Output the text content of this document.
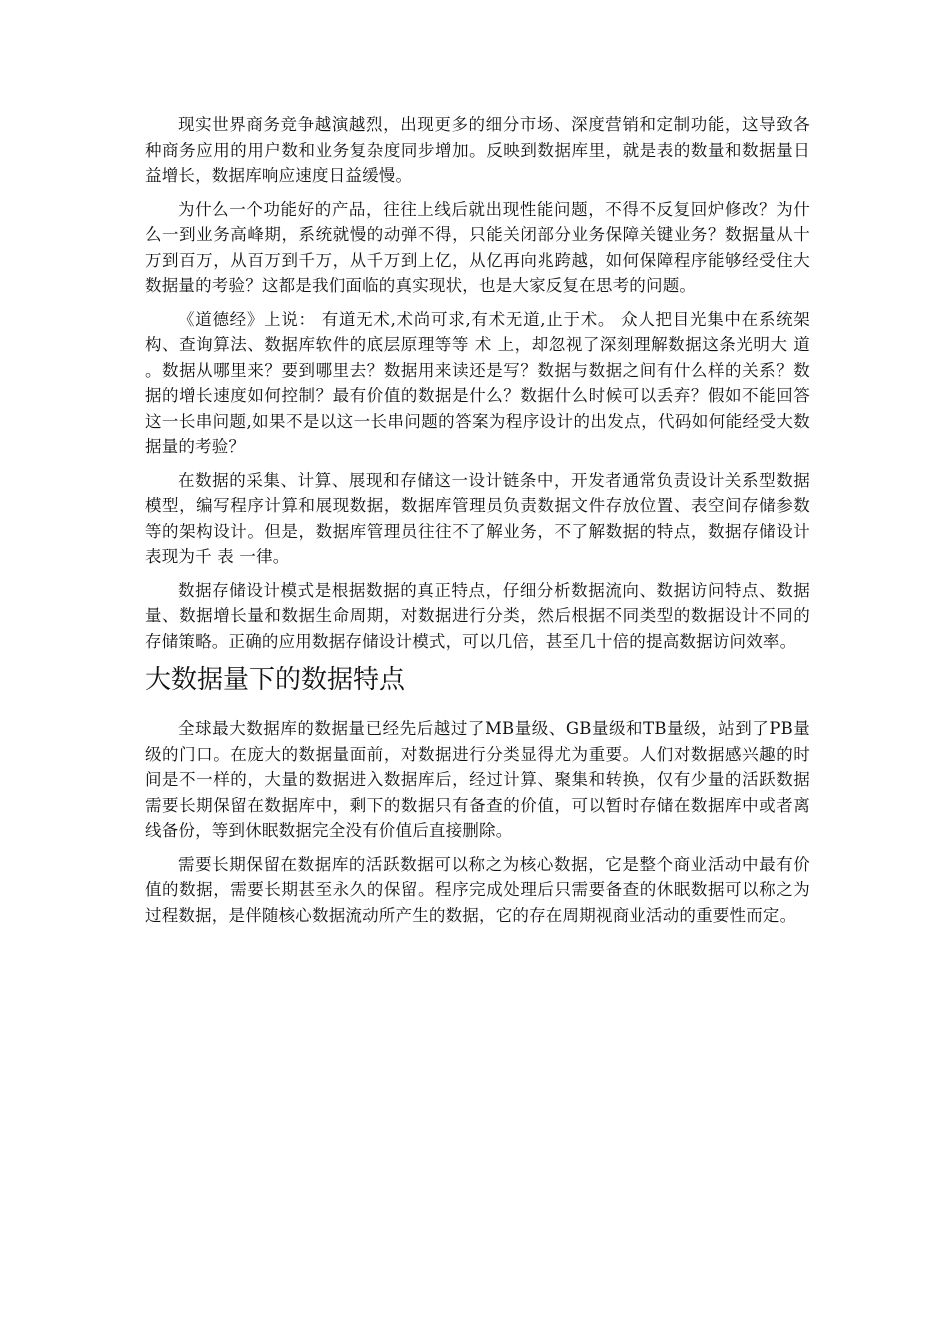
现实世界商务竞争越演越烈，出现更多的细分市场、深度营销和定制功能，这导致各种商务应用的用户数和业务复杂度同步增加。反映到数据库里，就是表的数量和数据量日益增长，数据库响应速度日益缓慢。

为什么一个功能好的产品，往往上线后就出现性能问题，不得不反复回炉修改？为什么一到业务高峰期，系统就慢的动弹不得，只能关闭部分业务保障关键业务？数据量从十万到百万，从百万到千万，从千万到上亿，从亿再向兆跨越，如何保障程序能够经受住大数据量的考验？这都是我们面临的真实现状，也是大家反复在思考的问题。

《道德经》上说： 有道无术,术尚可求,有术无道,止于术。 众人把目光集中在系统架构、查询算法、数据库软件的底层原理等等 术 上，却忽视了深刻理解数据这条光明大 道 。数据从哪里来？要到哪里去？数据用来读还是写？数据与数据之间有什么样的关系？数据的增长速度如何控制？最有价值的数据是什么？数据什么时候可以丢弃？假如不能回答这一长串问题,如果不是以这一长串问题的答案为程序设计的出发点，代码如何能经受大数据量的考验？

在数据的采集、计算、展现和存储这一设计链条中，开发者通常负责设计关系型数据模型，编写程序计算和展现数据，数据库管理员负责数据文件存放位置、表空间存储参数等的架构设计。但是，数据库管理员往往不了解业务，不了解数据的特点，数据存储设计表现为千 表 一律。

数据存储设计模式是根据数据的真正特点，仔细分析数据流向、数据访问特点、数据量、数据增长量和数据生命周期，对数据进行分类，然后根据不同类型的数据设计不同的存储策略。正确的应用数据存储设计模式，可以几倍，甚至几十倍的提高数据访问效率。

大数据量下的数据特点

全球最大数据库的数据量已经先后越过了MB量级、GB量级和TB量级，站到了PB量级的门口。在庞大的数据量面前，对数据进行分类显得尤为重要。人们对数据感兴趣的时间是不一样的，大量的数据进入数据库后，经过计算、聚集和转换，仅有少量的活跃数据需要长期保留在数据库中，剩下的数据只有备查的价值，可以暂时存储在数据库中或者离线备份，等到休眠数据完全没有价值后直接删除。

需要长期保留在数据库的活跃数据可以称之为核心数据，它是整个商业活动中最有价值的数据，需要长期甚至永久的保留。程序完成处理后只需要备查的休眠数据可以称之为过程数据，是伴随核心数据流动所产生的数据，它的存在周期视商业活动的重要性而定。
